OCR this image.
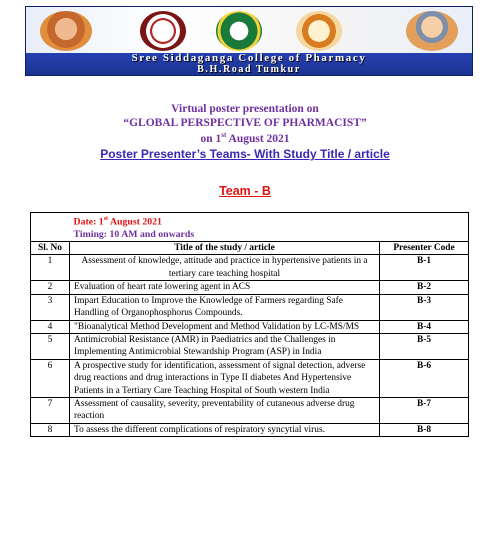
Rx
Sree Siddaganga College of Pharmacy
B.H.Road Tumkur
Virtual poster presentation on
“GLOBAL PERSPECTIVE OF PHARMACIST”
on 1st August 2021
Poster Presenter’s Teams- With Study Title / article
Team - B

	Date: 1st August 2021
Timing: 10 AM and onwards	

Sl. No	Title of the study / article	Presenter Code
1	Assessment of knowledge, attitude and practice in hypertensive patients in a tertiary care teaching hospital	B-1
2	Evaluation of heart rate lowering agent in ACS	B-2
3	Impart Education to Improve the Knowledge of Farmers regarding Safe Handling of Organophosphorus Compounds.	B-3
4	"Bioanalytical Method Development and Method Validation by LC-MS/MS	B-4
5	Antimicrobial Resistance (AMR) in Paediatrics and the Challenges in Implementing Antimicrobial Stewardship Program (ASP) in India	B-5
6	A prospective study for identification, assessment of signal detection, adverse drug reactions and drug interactions in Type II diabetes And Hypertensive Patients in a Tertiary Care Teaching Hospital of South western India	B-6
7	Assessment of causality, severity, preventability of cutaneous adverse drug reaction	B-7
8	To assess the different complications of respiratory syncytial virus.	B-8
